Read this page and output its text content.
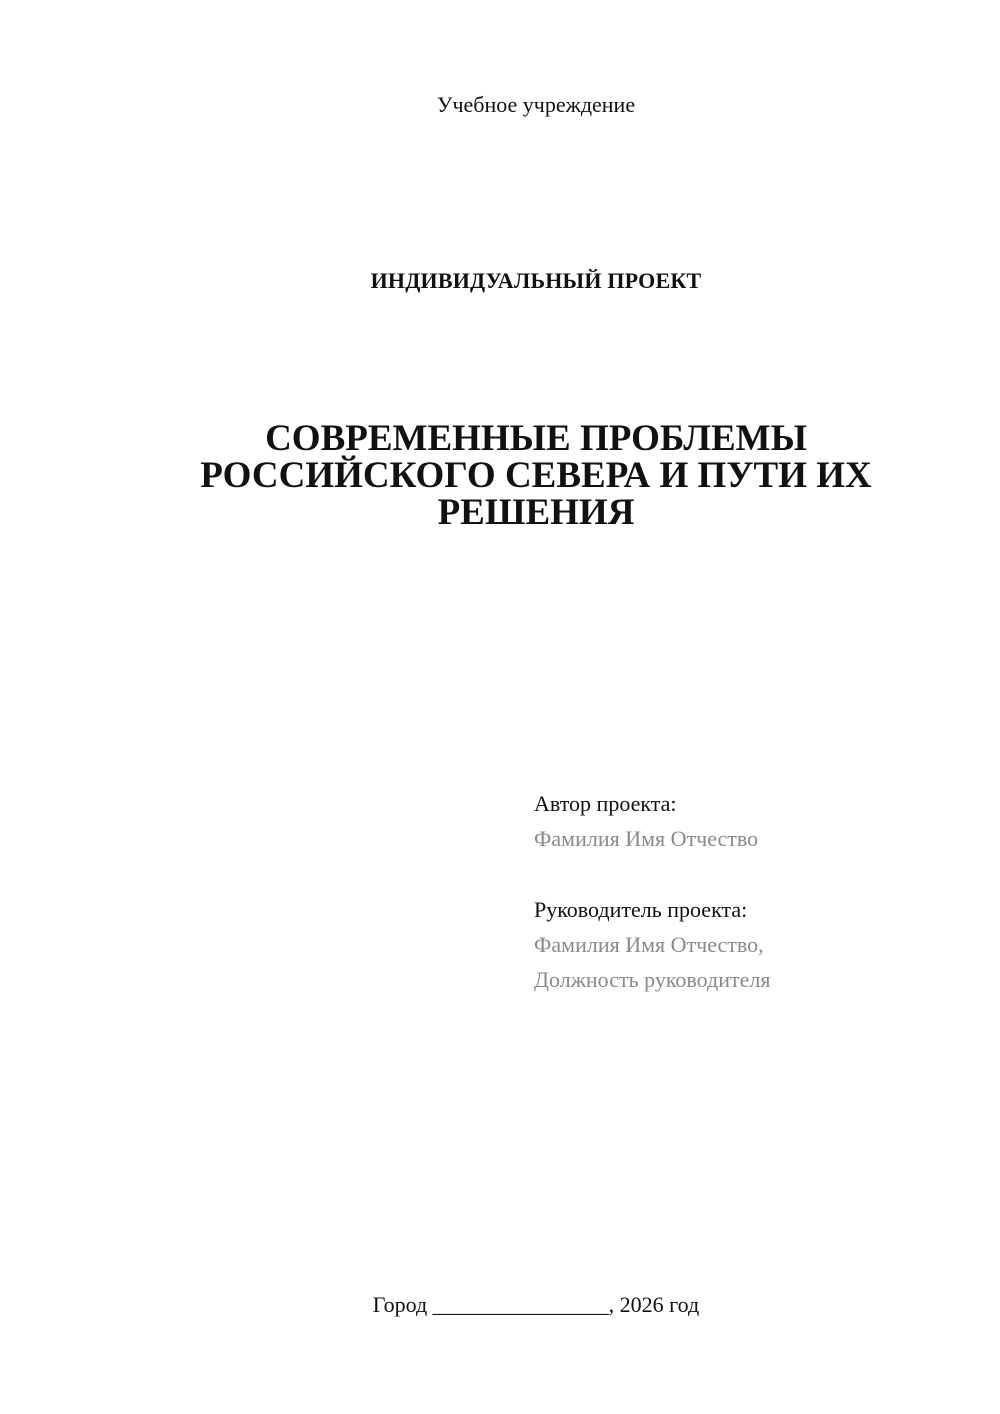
Учебное учреждение
ИНДИВИДУАЛЬНЫЙ ПРОЕКТ
СОВРЕМЕННЫЕ ПРОБЛЕМЫ
РОССИЙСКОГО СЕВЕРА И ПУТИ ИХ
РЕШЕНИЯ
Автор проекта:
Фамилия Имя Отчество
Руководитель проекта:
Фамилия Имя Отчество,
Должность руководителя
Город ________________, 2026 год
